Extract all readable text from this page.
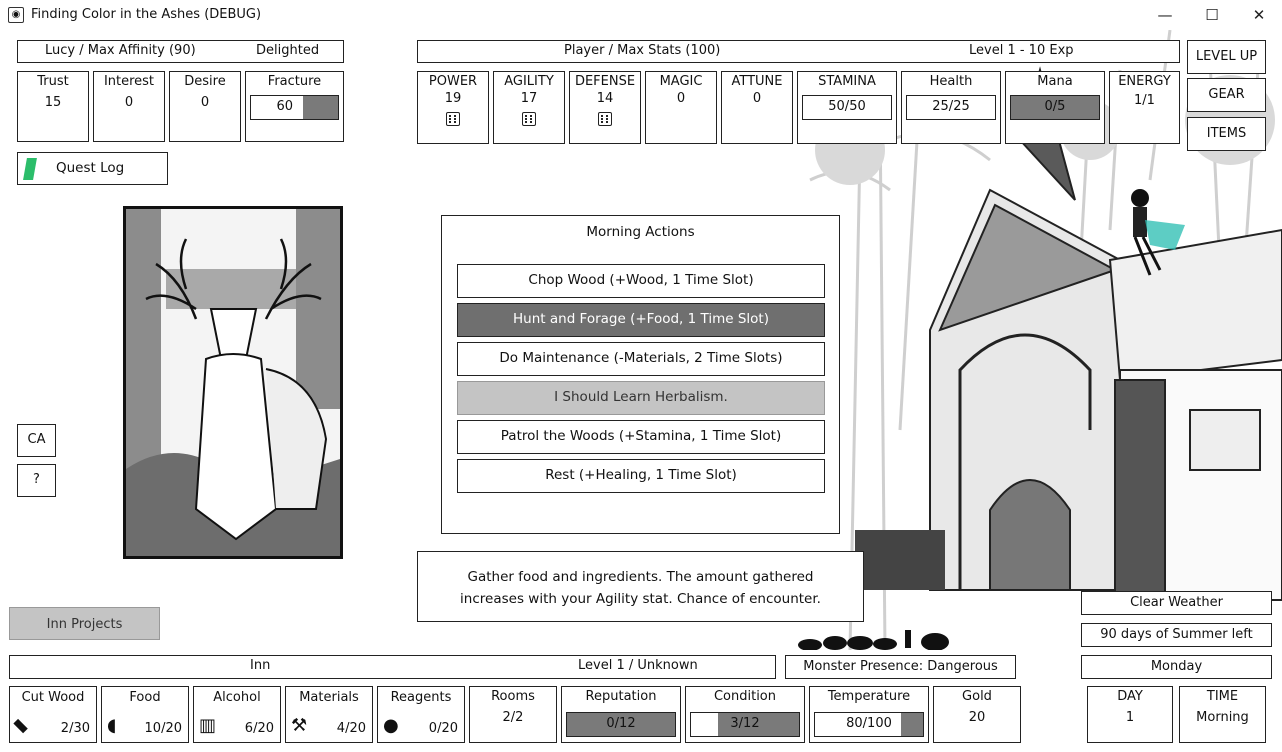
◉ Finding Color in the Ashes (DEBUG)	—	☐	✕
Lucy / Max Affinity (90)	Delighted
Trust
15
Interest
0
Desire
0
Fracture
60
Quest Log
CA
?
Inn Projects
Player / Max Stats (100)	Level 1 - 10 Exp
POWER
19
AGILITY
17
DEFENSE
14
MAGIC
0
ATTUNE
0
STAMINA
50/50
Health
25/25
Mana
0/5
ENERGY
1/1
LEVEL UP
GEAR
ITEMS
Morning Actions
Chop Wood (+Wood, 1 Time Slot)
Hunt and Forage (+Food, 1 Time Slot)
Do Maintenance (-Materials, 2 Time Slots)
I Should Learn Herbalism.
Patrol the Woods (+Stamina, 1 Time Slot)
Rest (+Healing, 1 Time Slot)
Gather food and ingredients. The amount gathered increases with your Agility stat. Chance of encounter.	Clear Weather
90 days of Summer left
Monday
Inn	Level 1 / Unknown	Monster Presence: Dangerous
Cut Wood
▮ 2/30
Food
◖ 10/20
Alcohol
▥ 6/20
Materials
⚒ 4/20
Reagents
● 0/20
Rooms
2/2
Reputation
0/12
Condition
3/12
Temperature
80/100
Gold
20
DAY
1
TIME
Morning
